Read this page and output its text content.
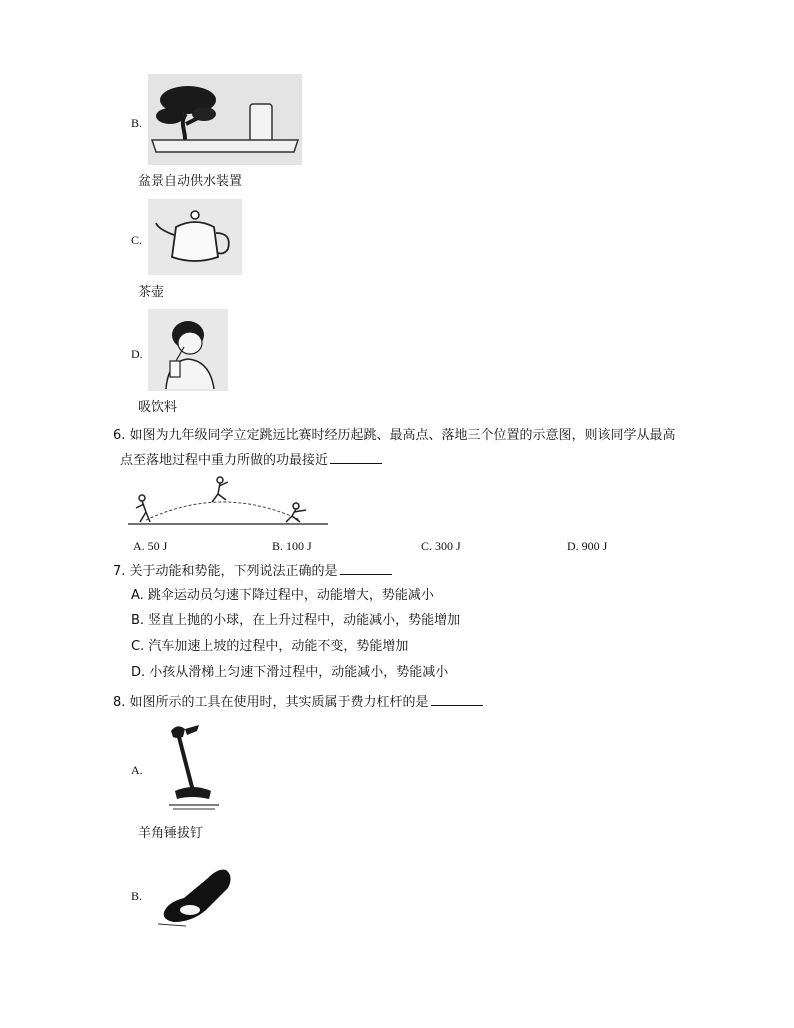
B.
盆景自动供水装置
C.
茶壶
D.
吸饮料
6. 如图为九年级同学立定跳远比赛时经历起跳、最高点、落地三个位置的示意图，则该同学从最高
点至落地过程中重力所做的功最接近
A. 50 J	B. 100 J	C. 300 J	D. 900 J
7. 关于动能和势能，下列说法正确的是
A. 跳伞运动员匀速下降过程中，动能增大，势能减小
B. 竖直上抛的小球，在上升过程中，动能减小，势能增加
C. 汽车加速上坡的过程中，动能不变，势能增加
D. 小孩从滑梯上匀速下滑过程中，动能减小，势能减小
8. 如图所示的工具在使用时，其实质属于费力杠杆的是
A.
羊角锤拔钉
B.
